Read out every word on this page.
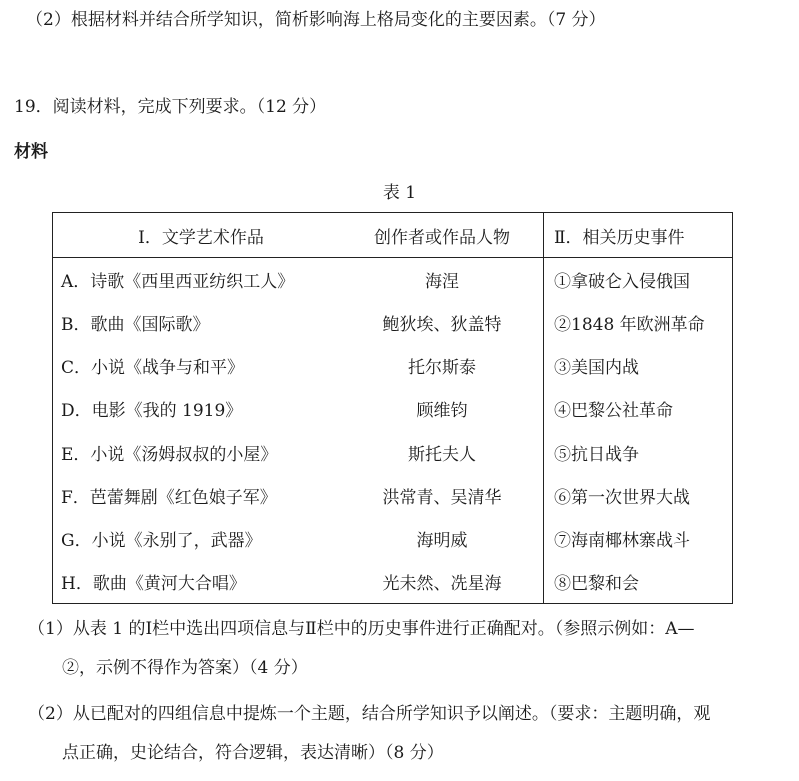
（2）根据材料并结合所学知识，简析影响海上格局变化的主要因素。（7 分）
19．阅读材料，完成下列要求。（12 分）
材料
表 1
Ⅰ．文学艺术作品	创作者或作品人物	Ⅱ．相关历史事件
A．诗歌《西里西亚纺织工人》	海涅	①拿破仑入侵俄国
B．歌曲《国际歌》	鲍狄埃、狄盖特	②1848 年欧洲革命
C．小说《战争与和平》	托尔斯泰	③美国内战
D．电影《我的 1919》	顾维钧	④巴黎公社革命
E．小说《汤姆叔叔的小屋》	斯托夫人	⑤抗日战争
F．芭蕾舞剧《红色娘子军》	洪常青、吴清华	⑥第一次世界大战
G．小说《永别了，武器》	海明威	⑦海南椰林寨战斗
H．歌曲《黄河大合唱》	光未然、冼星海	⑧巴黎和会
（1）从表 1 的Ⅰ栏中选出四项信息与Ⅱ栏中的历史事件进行正确配对。（参照示例如：A—
②，示例不得作为答案）（4 分）
（2）从已配对的四组信息中提炼一个主题，结合所学知识予以阐述。（要求：主题明确，观
点正确，史论结合，符合逻辑，表达清晰）（8 分）
